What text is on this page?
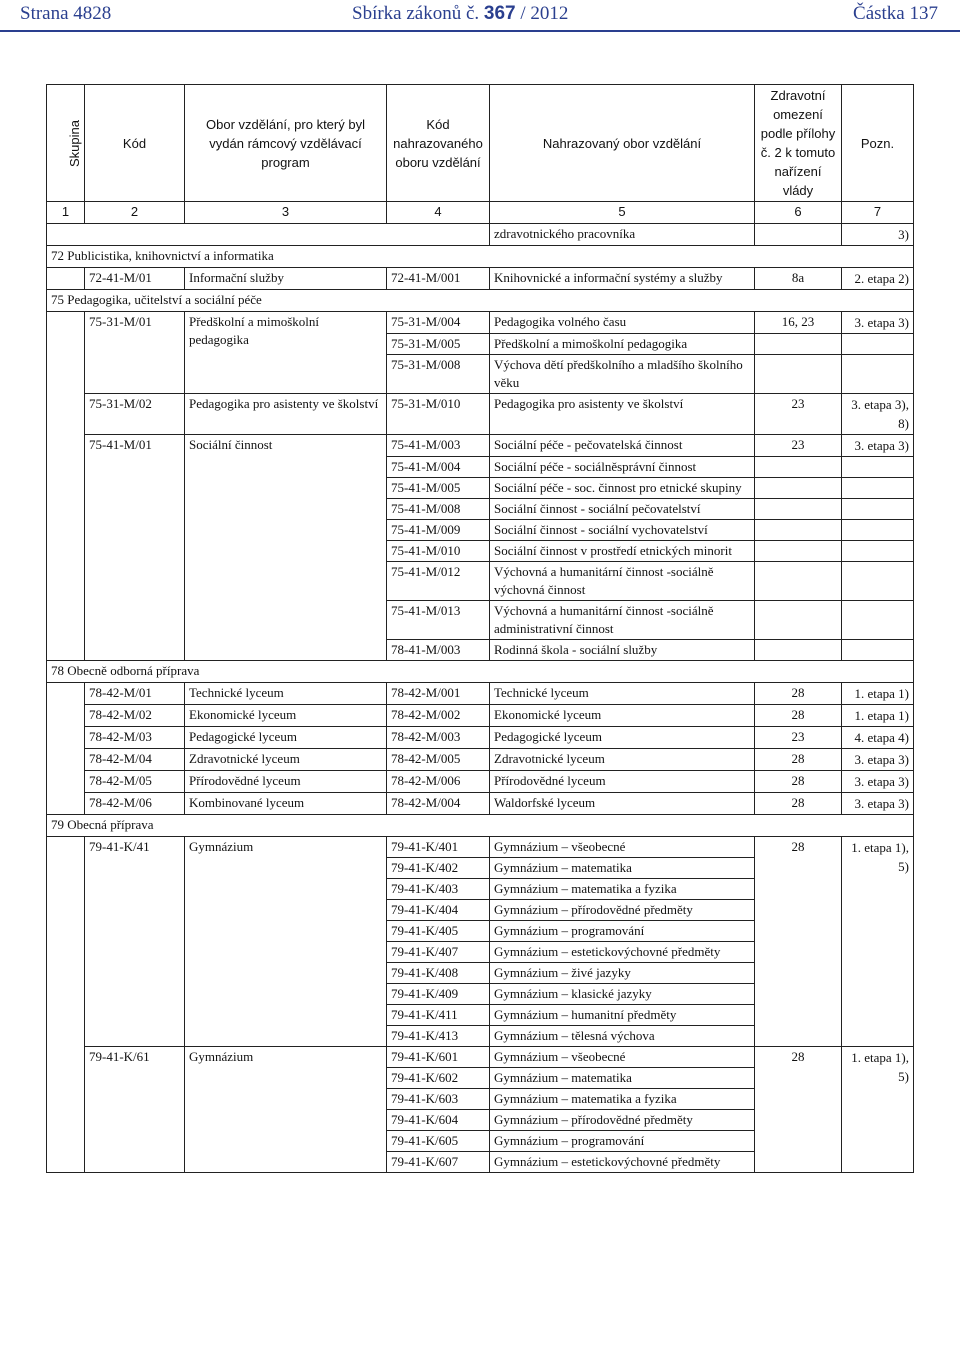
Strana 4828	Sbírka zákonů č. 367 / 2012	Částka 137
Skupina	Kód	Obor vzdělání, pro který byl vydán rámcový vzdělávací program	Kód nahrazovaného oboru vzdělání	Nahrazovaný obor vzdělání	Zdravotní omezení podle přílohy č. 2 k tomuto nařízení vlády	Pozn.
1	2	3	4	5	6	7
				zdravotnického pracovníka		3)
72 Publicistika, knihovnictví a informatika						
	72-41-M/01	Informační služby	72-41-M/001	Knihovnické a informační systémy a služby	8a	2. etapa 2)
75 Pedagogika, učitelství a sociální péče						
	75-31-M/01	Předškolní a mimoškolní pedagogika	75-31-M/004	Pedagogika volného času	16, 23	3. etapa 3)
			75-31-M/005	Předškolní a mimoškolní pedagogika		
			75-31-M/008	Výchova dětí předškolního a mladšího školního věku		
	75-31-M/02	Pedagogika pro asistenty ve školství	75-31-M/010	Pedagogika pro asistenty ve školství	23	3. etapa 3), 8)
	75-41-M/01	Sociální činnost	75-41-M/003	Sociální péče - pečovatelská činnost	23	3. etapa 3)
			75-41-M/004	Sociální péče - sociálněsprávní činnost		
			75-41-M/005	Sociální péče - soc. činnost pro etnické skupiny		
			75-41-M/008	Sociální činnost - sociální pečovatelství		
			75-41-M/009	Sociální činnost - sociální vychovatelství		
			75-41-M/010	Sociální činnost v prostředí etnických minorit		
			75-41-M/012	Výchovná a humanitární činnost -sociálně výchovná činnost		
			75-41-M/013	Výchovná a humanitární činnost -sociálně administrativní činnost		
			78-41-M/003	Rodinná škola - sociální služby		
78 Obecně odborná příprava						
	78-42-M/01	Technické lyceum	78-42-M/001	Technické lyceum	28	1. etapa 1)
	78-42-M/02	Ekonomické lyceum	78-42-M/002	Ekonomické lyceum	28	1. etapa 1)
	78-42-M/03	Pedagogické lyceum	78-42-M/003	Pedagogické lyceum	23	4. etapa 4)
	78-42-M/04	Zdravotnické lyceum	78-42-M/005	Zdravotnické lyceum	28	3. etapa 3)
	78-42-M/05	Přírodovědné lyceum	78-42-M/006	Přírodovědné lyceum	28	3. etapa 3)
	78-42-M/06	Kombinované lyceum	78-42-M/004	Waldorfské lyceum	28	3. etapa 3)
79 Obecná příprava						
	79-41-K/41	Gymnázium	79-41-K/401	Gymnázium – všeobecné	28	1. etapa 1), 5)
			79-41-K/402	Gymnázium – matematika		
			79-41-K/403	Gymnázium – matematika a fyzika		
			79-41-K/404	Gymnázium – přírodovědné předměty		
			79-41-K/405	Gymnázium – programování		
			79-41-K/407	Gymnázium – estetickovýchovné předměty		
			79-41-K/408	Gymnázium – živé jazyky		
			79-41-K/409	Gymnázium – klasické jazyky		
			79-41-K/411	Gymnázium – humanitní předměty		
			79-41-K/413	Gymnázium – tělesná výchova		
	79-41-K/61	Gymnázium	79-41-K/601	Gymnázium – všeobecné	28	1. etapa 1), 5)
			79-41-K/602	Gymnázium – matematika		
			79-41-K/603	Gymnázium – matematika a fyzika		
			79-41-K/604	Gymnázium – přírodovědné předměty		
			79-41-K/605	Gymnázium – programování		
			79-41-K/607	Gymnázium – estetickovýchovné předměty		
